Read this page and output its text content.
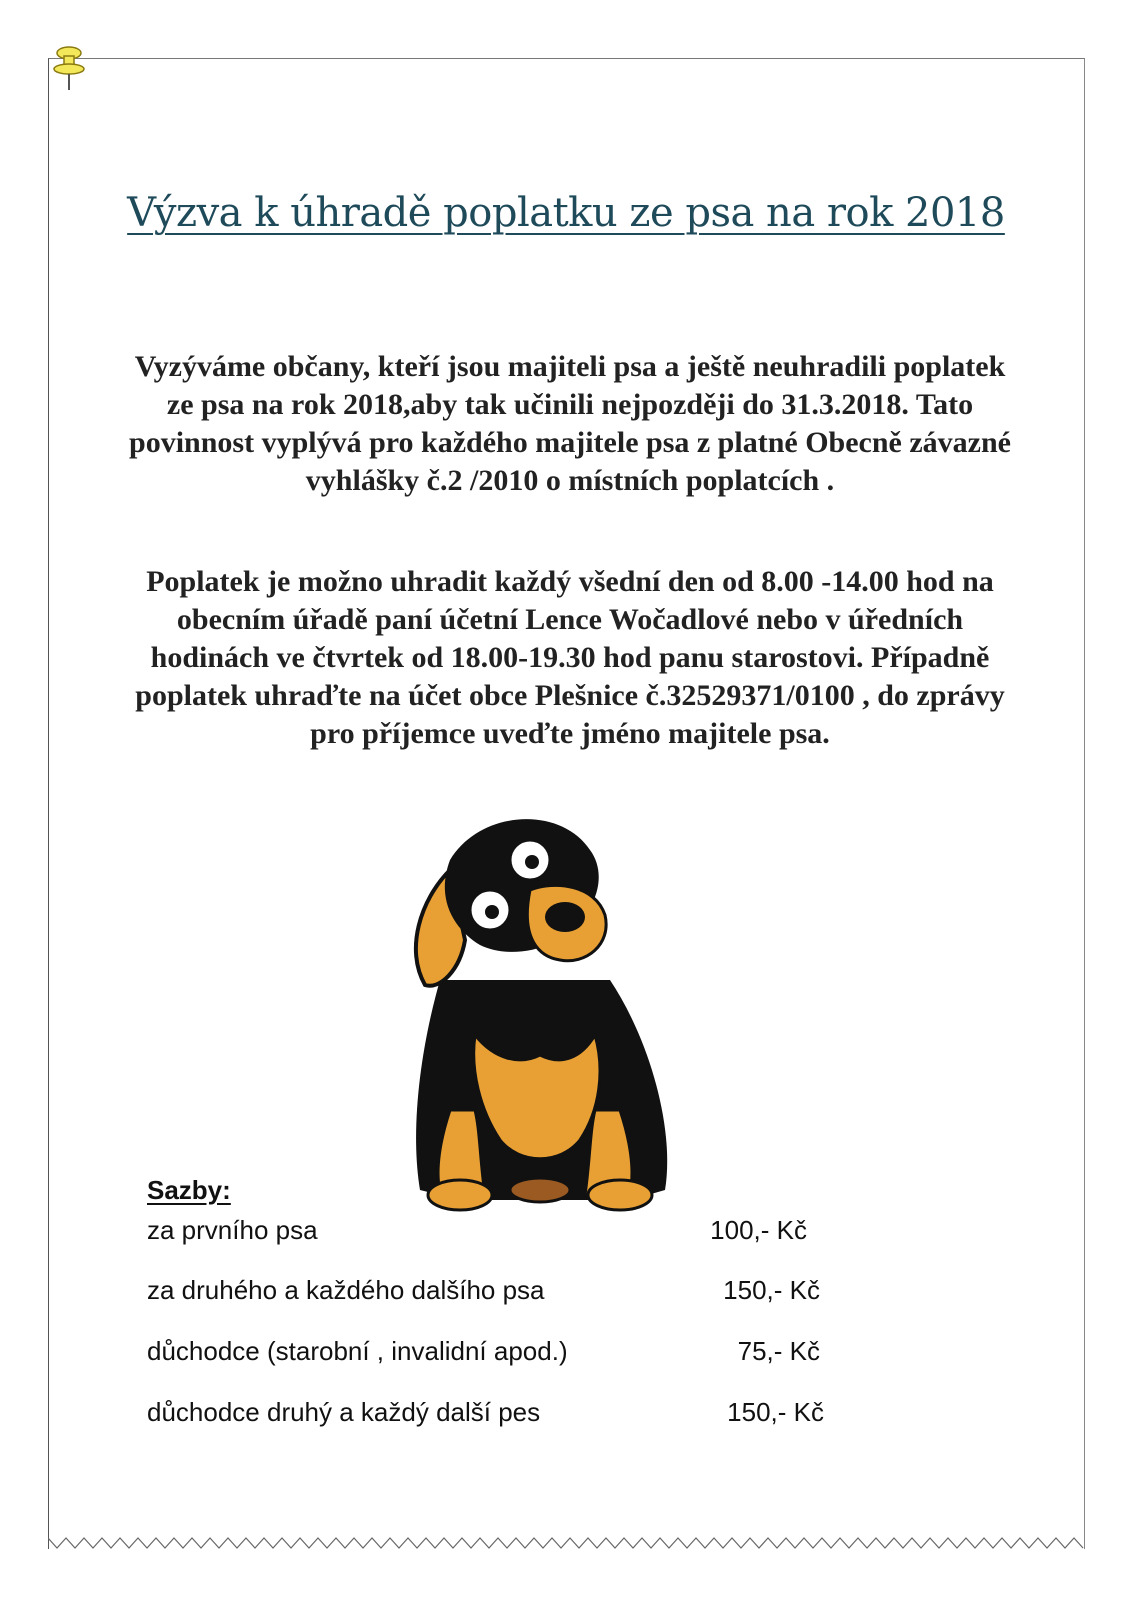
Výzva k úhradě poplatku ze psa na rok 2018
Vyzýváme občany, kteří jsou majiteli psa a ještě neuhradili poplatek ze psa na rok 2018,aby tak učinili nejpozději do 31.3.2018. Tato povinnost vyplývá pro každého majitele psa z platné Obecně závazné vyhlášky č.2 /2010 o místních poplatcích .
Poplatek je možno uhradit každý všední den od 8.00 -14.00 hod na obecním úřadě paní účetní Lence Wočadlové nebo v úředních hodinách ve čtvrtek od 18.00-19.30 hod panu starostovi. Případně poplatek uhraďte na účet obce Plešnice č.32529371/0100 , do zprávy pro příjemce uveďte jméno majitele psa.
Sazby:
za prvního psa	100,- Kč
za druhého a každého dalšího psa	150,- Kč
důchodce (starobní , invalidní apod.)	75,- Kč
důchodce druhý a každý další pes	150,- Kč
